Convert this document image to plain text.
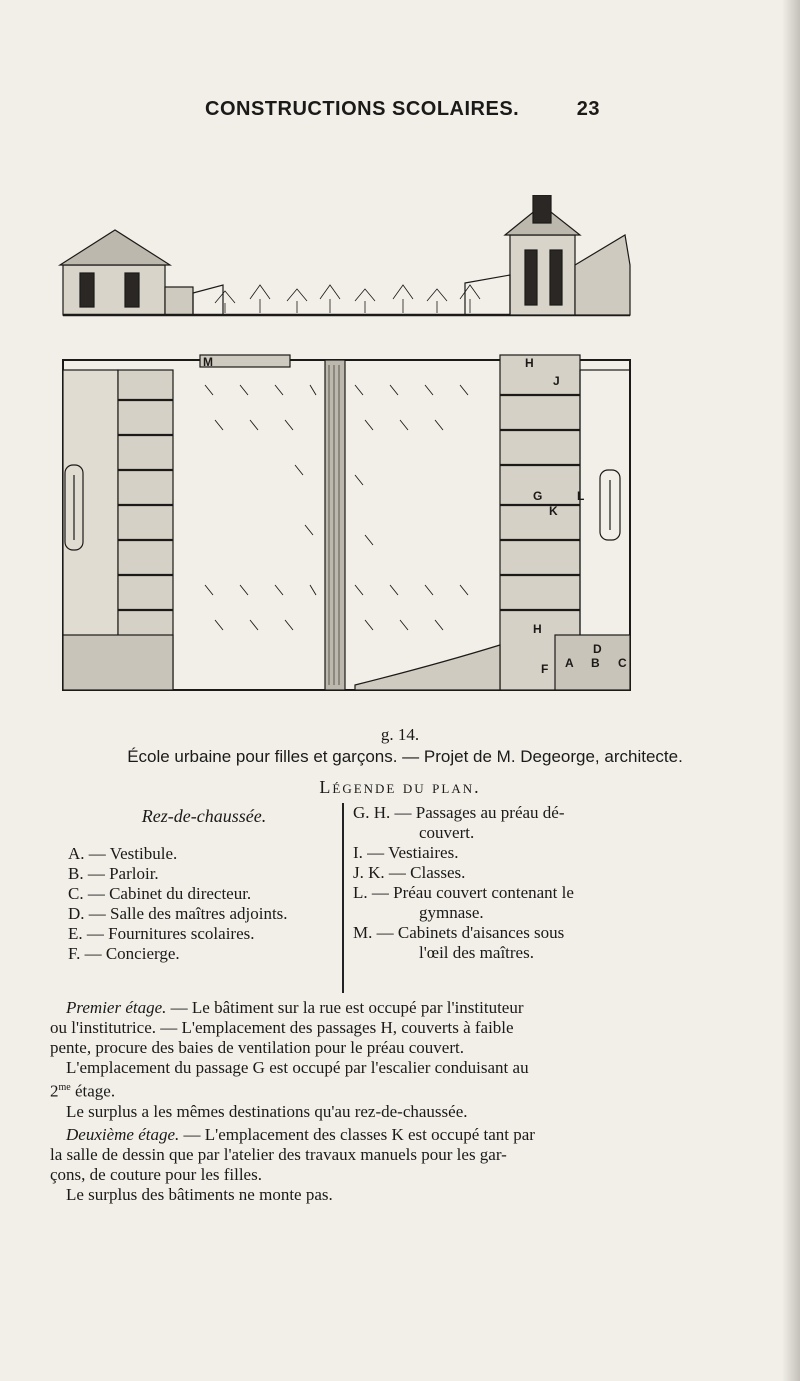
CONSTRUCTIONS SCOLAIRES.	23
M	H
J
G	L
H
F A B
D
C
K
g. 14.
École urbaine pour filles et garçons. — Projet de M. Degeorge, architecte.
Légende du plan.
Rez-de-chaussée.
A. — Vestibule.
B. — Parloir.
C. — Cabinet du directeur.
D. — Salle des maîtres adjoints.
E. — Fournitures scolaires.
F. — Concierge.
G. H. — Passages au préau dé-
couvert.
I. — Vestiaires.
J. K. — Classes.
L. — Préau couvert contenant le
gymnase.
M. — Cabinets d'aisances sous
l'œil des maîtres.

Premier étage. — Le bâtiment sur la rue est occupé par l'instituteur

ou l'institutrice. — L'emplacement des passages H, couverts à faible

pente, procure des baies de ventilation pour le préau couvert.

L'emplacement du passage G est occupé par l'escalier conduisant au

$2^{me}$ étage.

Le surplus a les mêmes destinations qu'au rez-de-chaussée.

Deuxième étage. — L'emplacement des classes K est occupé tant par

la salle de dessin que par l'atelier des travaux manuels pour les gar-

çons, de couture pour les filles.

Le surplus des bâtiments ne monte pas.
